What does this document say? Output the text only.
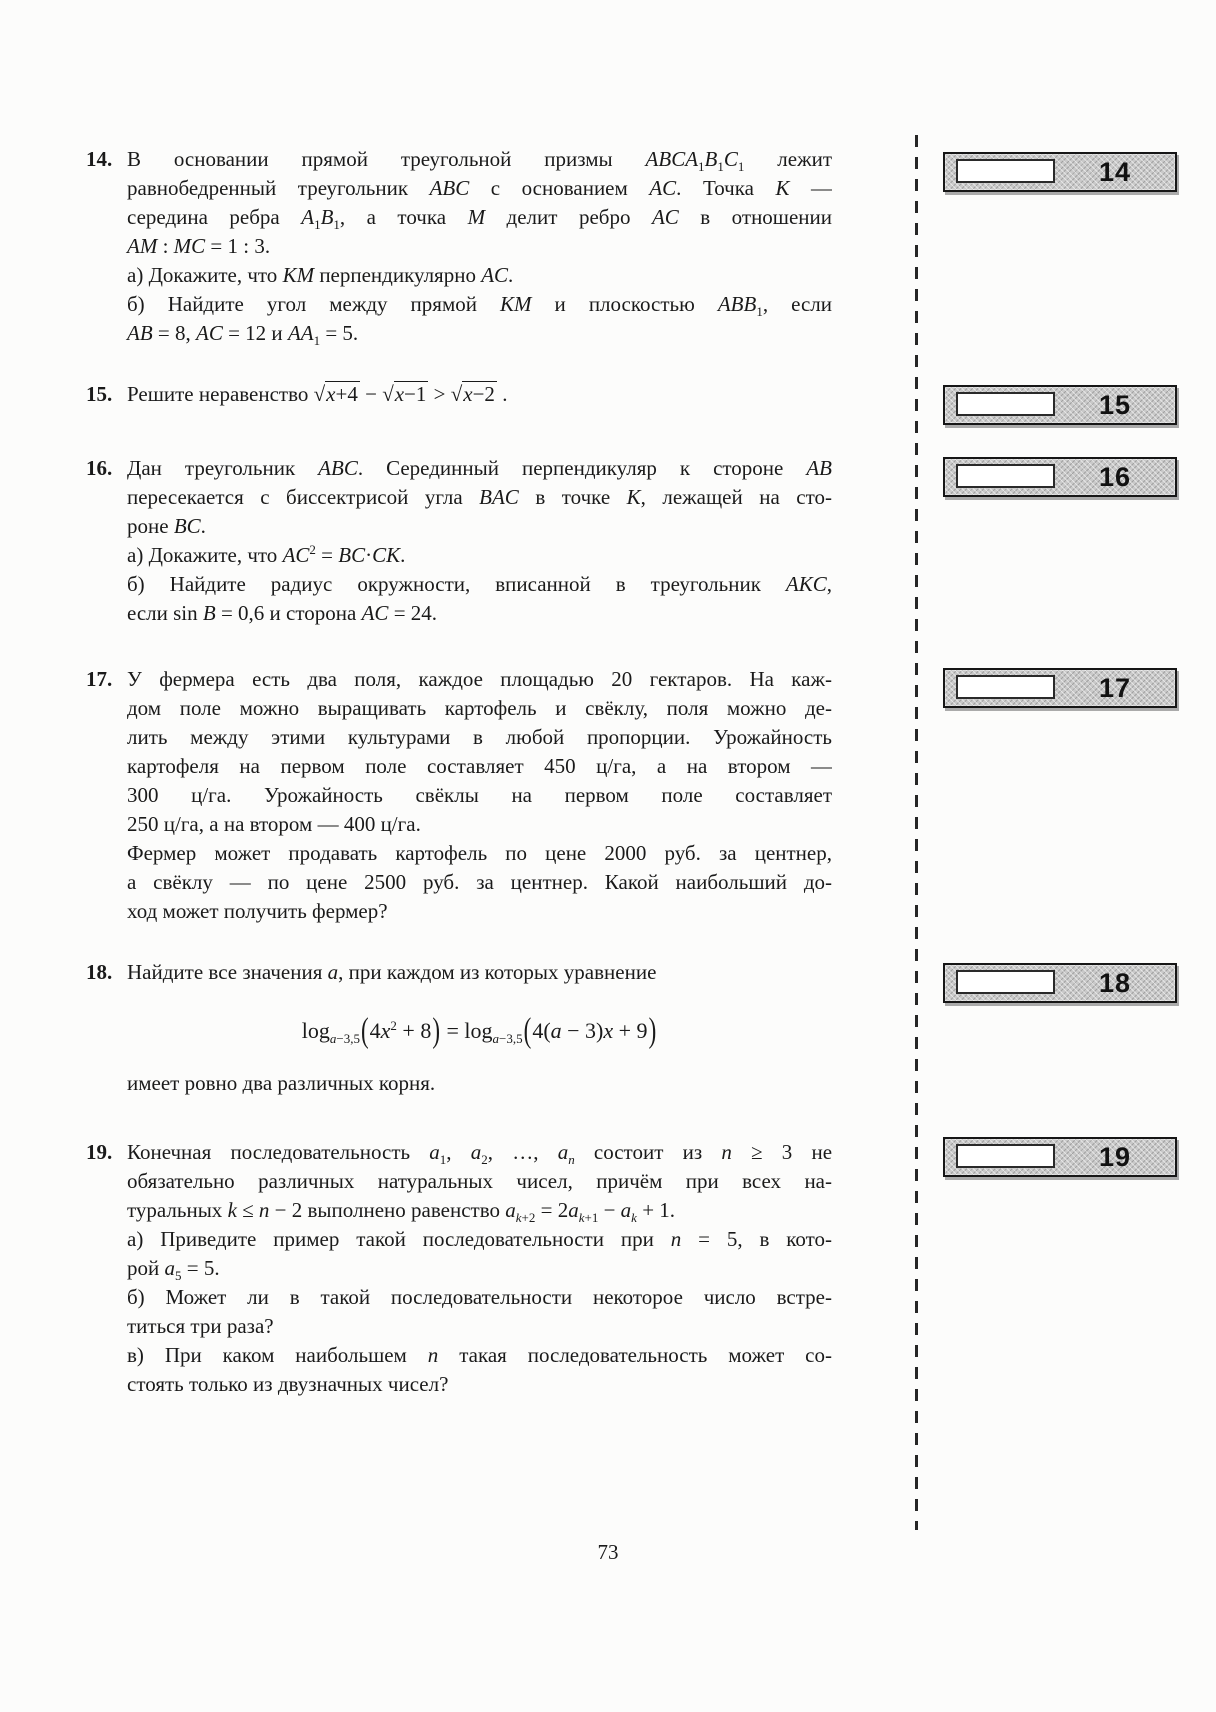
73
14. В основании прямой треугольной призмы $ABCA_1B_1C_1$ лежит
равнобедренный треугольник ABC с основанием AC. Точка K —
середина ребра $A_1B_1$, а точка M делит ребро AC в отношении
AM : MC = 1 : 3.
а) Докажите, что KM перпендикулярно AC.
б) Найдите угол между прямой KM и плоскостью $ABB_1$, если
AB = 8, AC = 12 и $AA_1 = 5$.
15. Решите неравенство √x+4 − √x−1 > √x−2 .
16. Дан треугольник ABC. Серединный перпендикуляр к стороне AB
пересекается с биссектрисой угла BAC в точке K, лежащей на сто-
роне BC.
а) Докажите, что $AC^2 = BC\cdot CK$.
б) Найдите радиус окружности, вписанной в треугольник AKC,
если sin B = 0,6 и сторона AC = 24.
17. У фермера есть два поля, каждое площадью 20 гектаров. На каж-
дом поле можно выращивать картофель и свёклу, поля можно де-
лить между этими культурами в любой пропорции. Урожайность
картофеля на первом поле составляет 450 ц/га, а на втором —
300 ц/га. Урожайность свёклы на первом поле составляет
250 ц/га, а на втором — 400 ц/га.
Фермер может продавать картофель по цене 2000 руб. за центнер,
а свёклу — по цене 2500 руб. за центнер. Какой наибольший до-
ход может получить фермер?
18. Найдите все значения a, при каждом из которых уравнение
$\log_{a-3,5}(4x^2 + 8) = \log_{a-3,5}(4(a - 3)x + 9)$
имеет ровно два различных корня.
19. Конечная последовательность $a_1$, $a_2$, …, $a_n$ состоит из n ≥ 3 не
обязательно различных натуральных чисел, причём при всех на-
туральных k ≤ n − 2 выполнено равенство $a_{k+2} = 2a_{k+1} - a_k + 1$.
а) Приведите пример такой последовательности при n = 5, в кото-
рой $a_5 = 5$.
б) Может ли в такой последовательности некоторое число встре-
титься три раза?
в) При каком наибольшем n такая последовательность может со-
стоять только из двузначных чисел?
14
15
16
17
18
19
